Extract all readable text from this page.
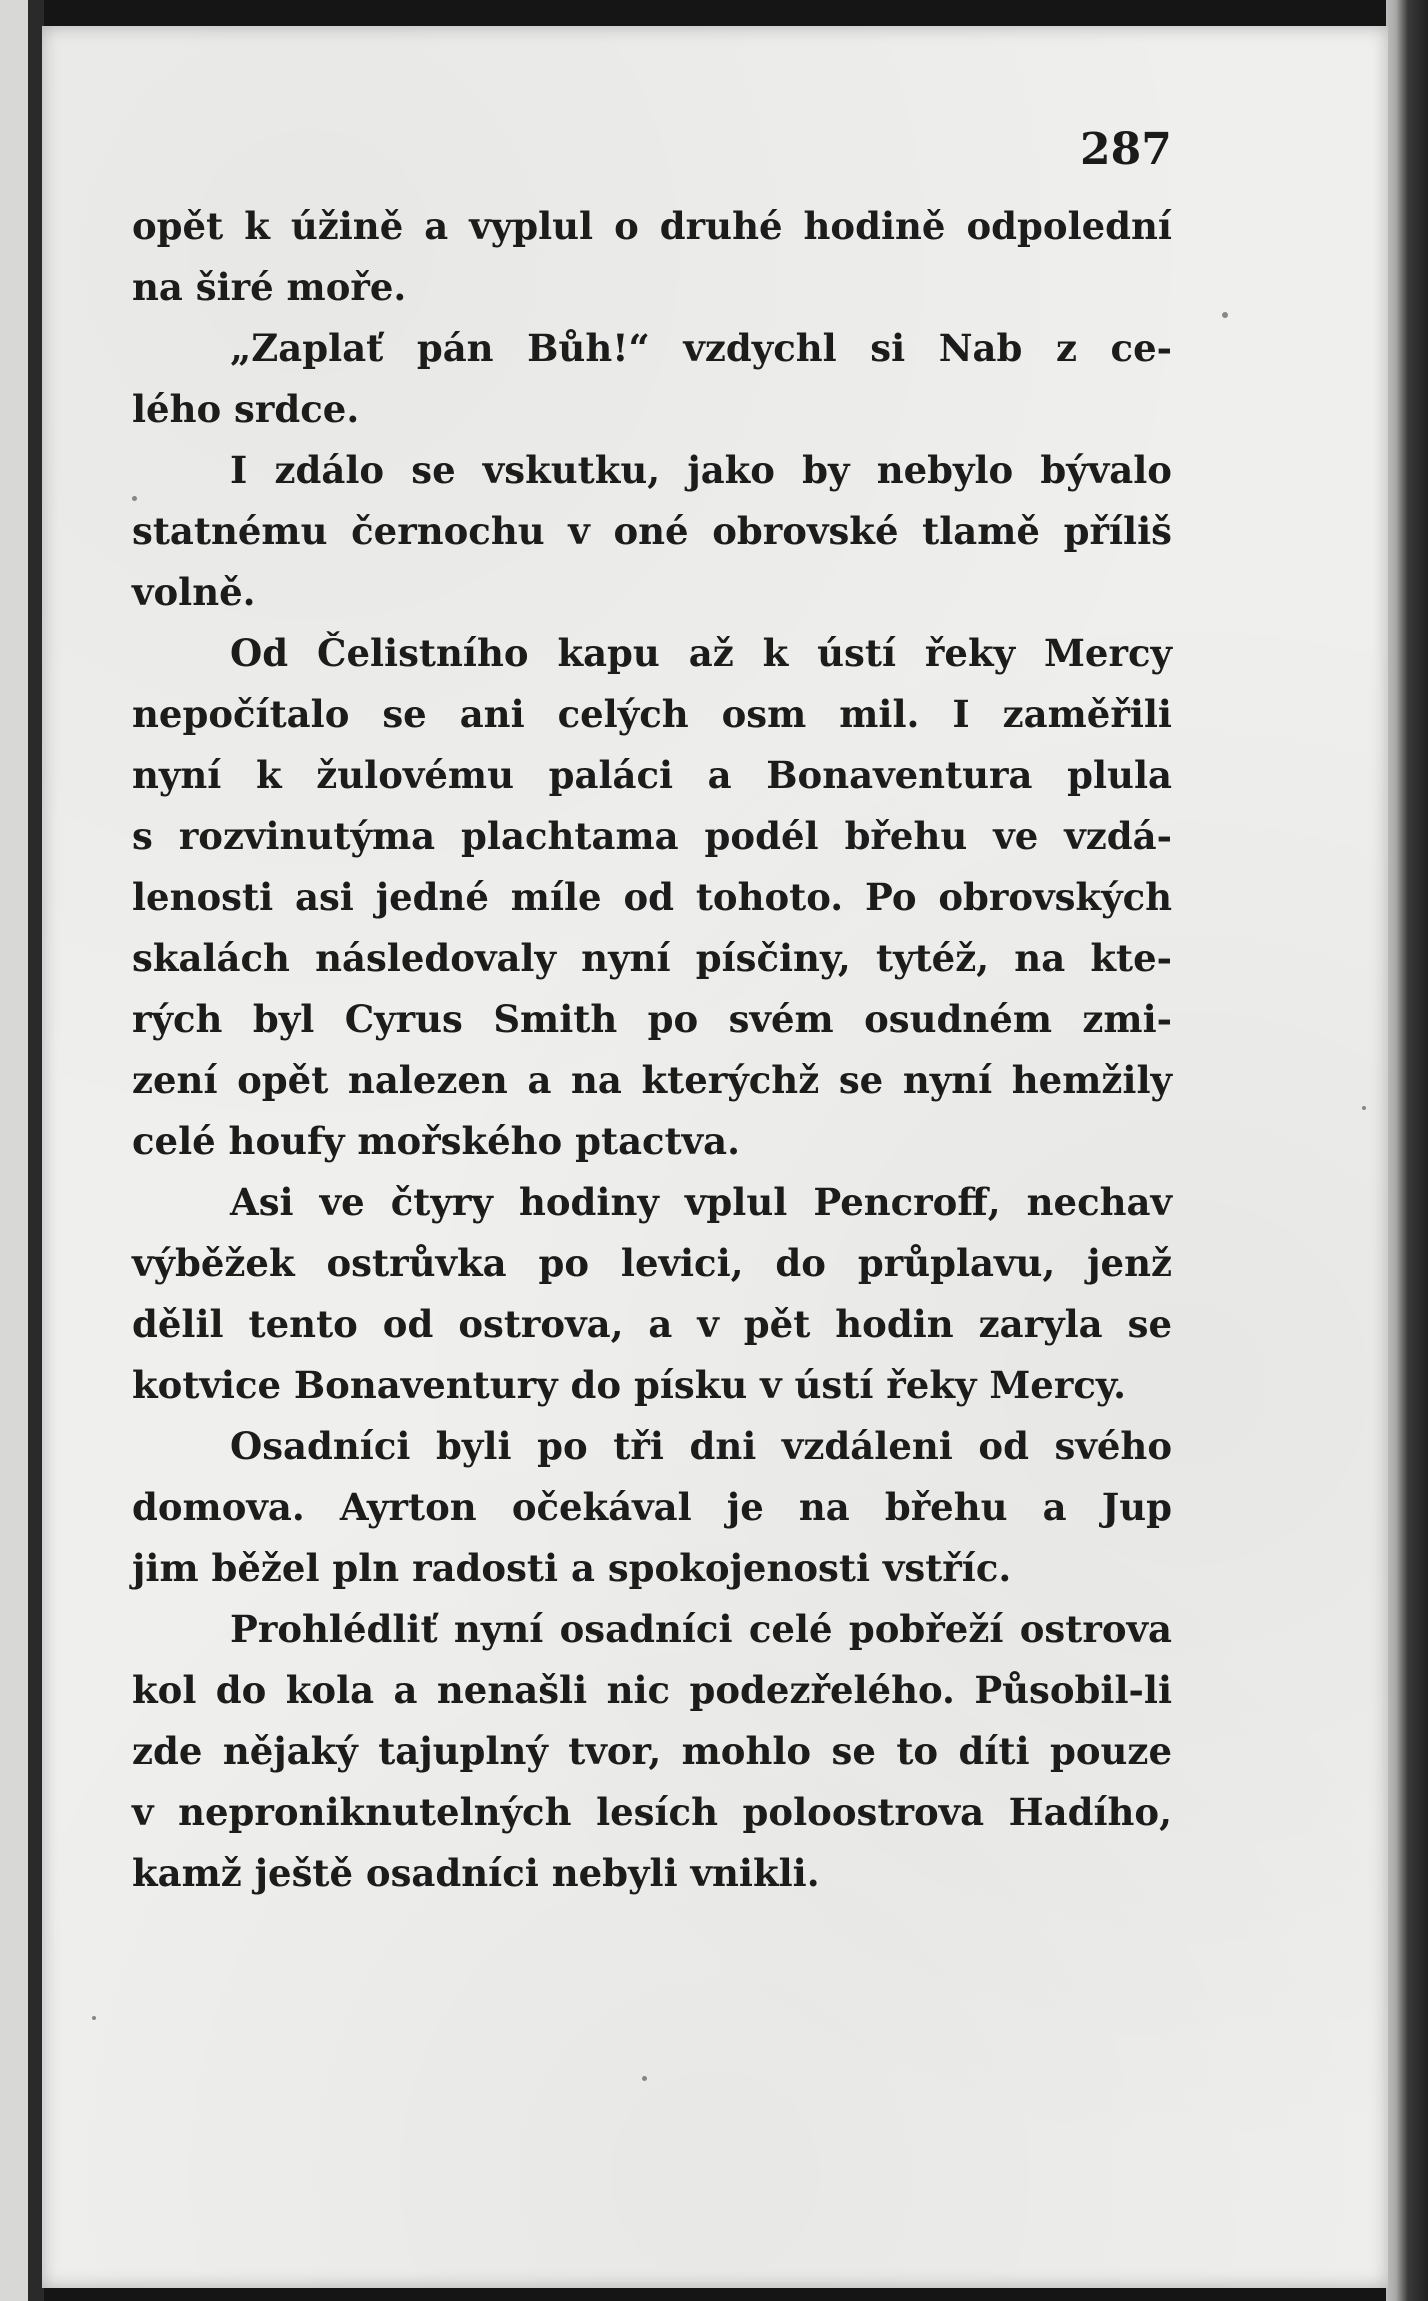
287

opět k úžině a vyplul o druhé hodině odpolední
na širé moře.
„Zaplať pán Bůh!“ vzdychl si Nab z ce-
lého srdce.
I zdálo se vskutku, jako by nebylo bývalo
statnému černochu v oné obrovské tlamě příliš
volně.
Od Čelistního kapu až k ústí řeky Mercy
nepočítalo se ani celých osm mil. I zaměřili
nyní k žulovému paláci a Bonaventura plula
s rozvinutýma plachtama podél břehu ve vzdá-
lenosti asi jedné míle od tohoto. Po obrovských
skalách následovaly nyní písčiny, tytéž, na kte-
rých byl Cyrus Smith po svém osudném zmi-
zení opět nalezen a na kterýchž se nyní hemžily
celé houfy mořského ptactva.
Asi ve čtyry hodiny vplul Pencroff, nechav
výběžek ostrůvka po levici, do průplavu, jenž
dělil tento od ostrova, a v pět hodin zaryla se
kotvice Bonaventury do písku v ústí řeky Mercy.
Osadníci byli po tři dni vzdáleni od svého
domova. Ayrton očekával je na břehu a Jup
jim běžel pln radosti a spokojenosti vstříc.
Prohlédliť nyní osadníci celé pobřeží ostrova
kol do kola a nenašli nic podezřelého. Působil-li
zde nějaký tajuplný tvor, mohlo se to díti pouze
v neproniknutelných lesích poloostrova Hadího,
kamž ještě osadníci nebyli vnikli.
